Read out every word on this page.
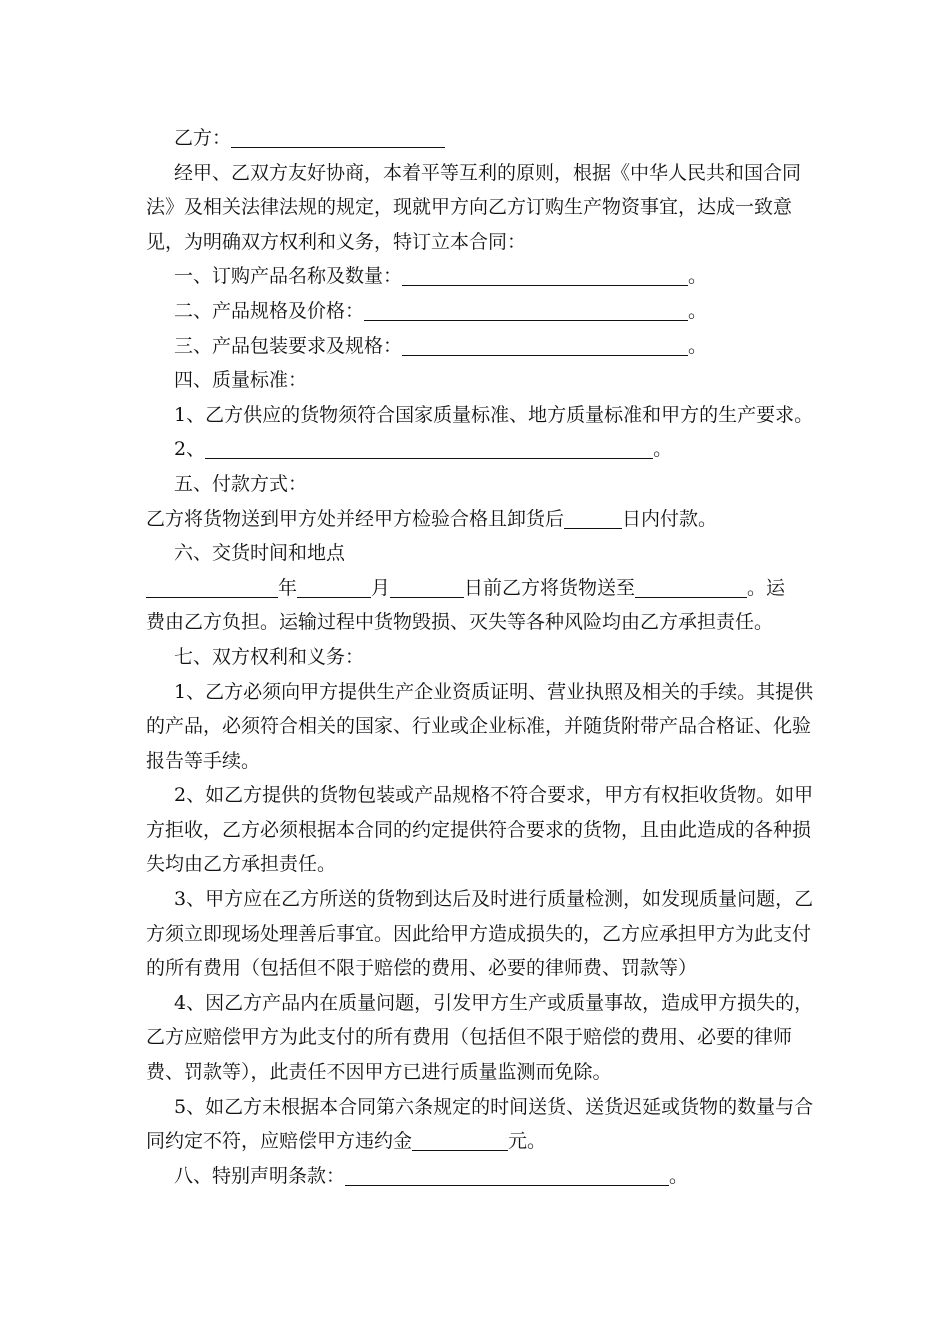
乙方：

经甲、乙双方友好协商，本着平等互利的原则，根据《中华人民共和国合同法》及相关法律法规的规定，现就甲方向乙方订购生产物资事宜，达成一致意见，为明确双方权利和义务，特订立本合同：

一、订购产品名称及数量：	。

二、产品规格及价格：	。

三、产品包装要求及规格：	。

四、质量标准：

1、乙方供应的货物须符合国家质量标准、地方质量标准和甲方的生产要求。

2、	。

五、付款方式：

乙方将货物送到甲方处并经甲方检验合格且卸货后	日内付款。

六、交货时间和地点

年	月	日前乙方将货物送至	。运

费由乙方负担。运输过程中货物毁损、灭失等各种风险均由乙方承担责任。

七、双方权利和义务：

1、乙方必须向甲方提供生产企业资质证明、营业执照及相关的手续。其提供的产品，必须符合相关的国家、行业或企业标准，并随货附带产品合格证、化验报告等手续。

2、如乙方提供的货物包装或产品规格不符合要求，甲方有权拒收货物。如甲方拒收，乙方必须根据本合同的约定提供符合要求的货物，且由此造成的各种损失均由乙方承担责任。

3、甲方应在乙方所送的货物到达后及时进行质量检测，如发现质量问题，乙方须立即现场处理善后事宜。因此给甲方造成损失的，乙方应承担甲方为此支付的所有费用（包括但不限于赔偿的费用、必要的律师费、罚款等）

4、因乙方产品内在质量问题，引发甲方生产或质量事故，造成甲方损失的，乙方应赔偿甲方为此支付的所有费用（包括但不限于赔偿的费用、必要的律师费、罚款等），此责任不因甲方已进行质量监测而免除。

5、如乙方未根据本合同第六条规定的时间送货、送货迟延或货物的数量与合同约定不符，应赔偿甲方违约金	元。

八、特别声明条款：	。
